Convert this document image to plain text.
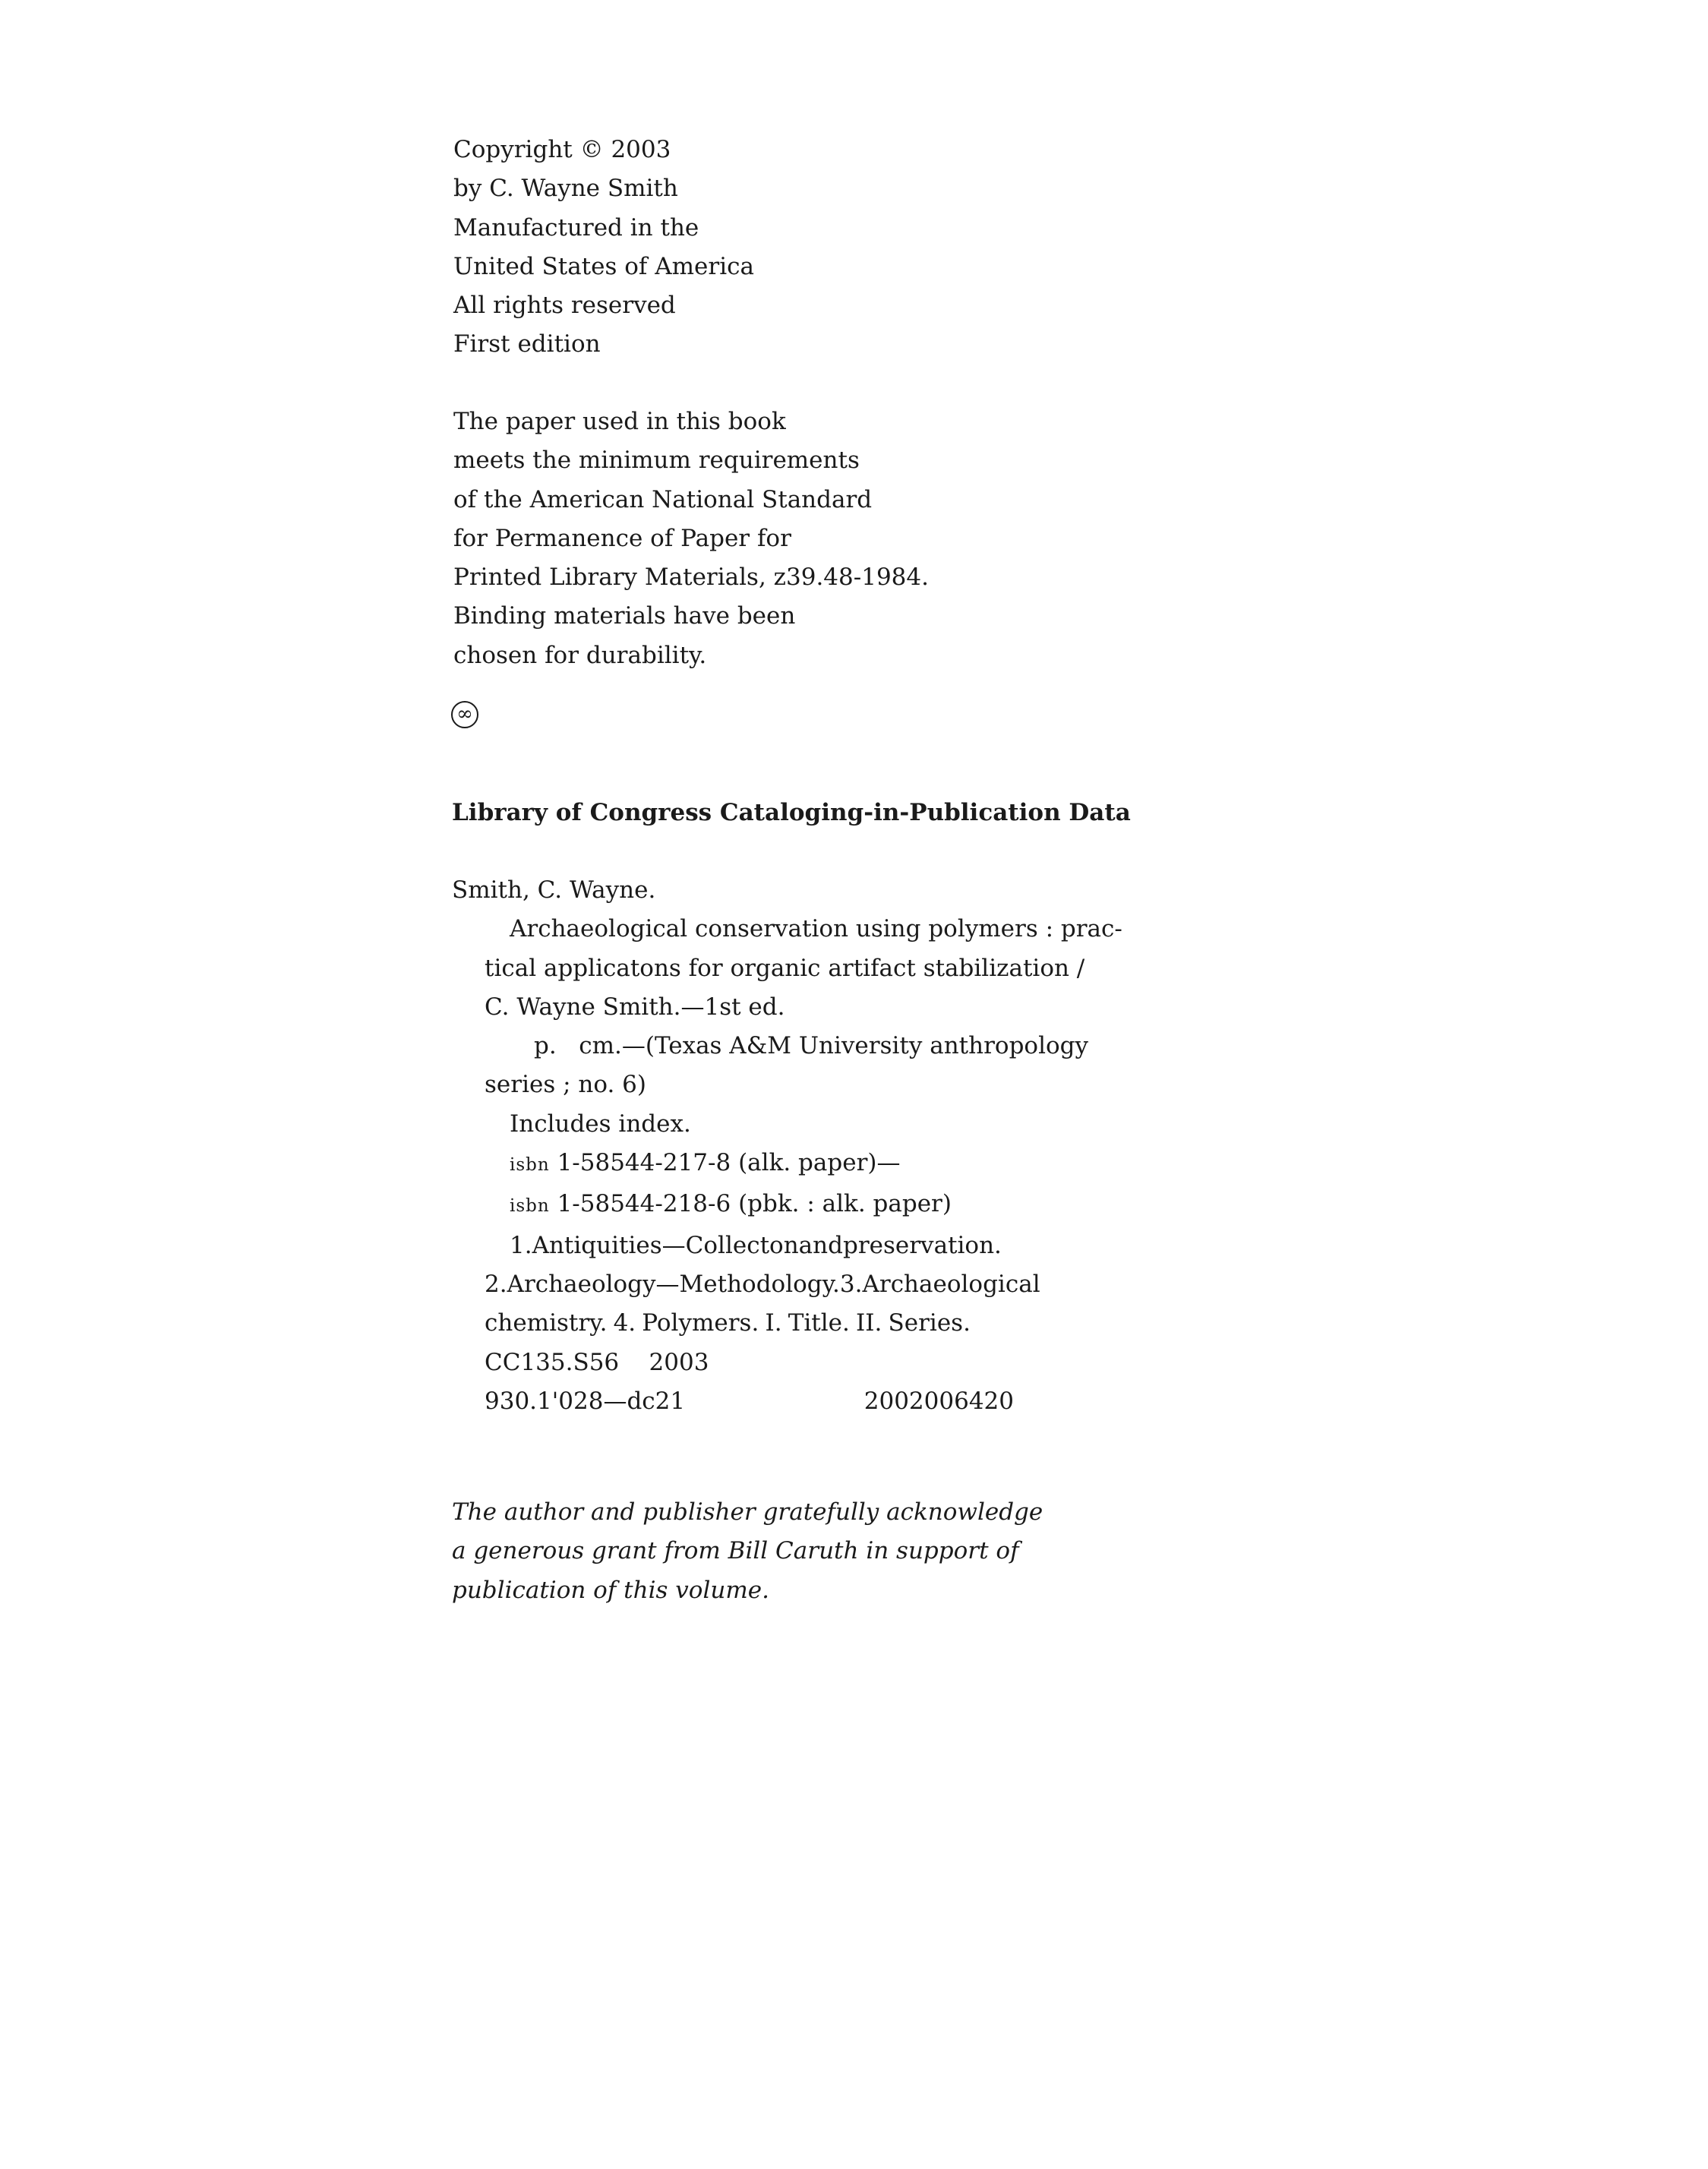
Copyright © 2003
by C. Wayne Smith
Manufactured in the
United States of America
All rights reserved
First edition
The paper used in this book
meets the minimum requirements
of the American National Standard
for Permanence of Paper for
Printed Library Materials, z39.48-1984.
Binding materials have been
chosen for durability.
∞
Library of Congress Cataloging-in-Publication Data
Smith, C. Wayne.
Archaeological conservation using polymers : prac-
tical applicatons for organic artifact stabilization /
C. Wayne Smith.—1st ed.
p.   cm.—(Texas A&M University anthropology
series ; no. 6)
Includes index.
isbn 1-58544-217-8 (alk. paper)—
isbn 1-58544-218-6 (pbk. : alk. paper)
1. Antiquities—Collecton and preservation.
2. Archaeology—Methodology. 3. Archaeological
chemistry. 4. Polymers. I. Title. II. Series.
CC135.S56    2003
930.1'028—dc21	2002006420
The author and publisher gratefully acknowledge
a generous grant from Bill Caruth in support of
publication of this volume.
